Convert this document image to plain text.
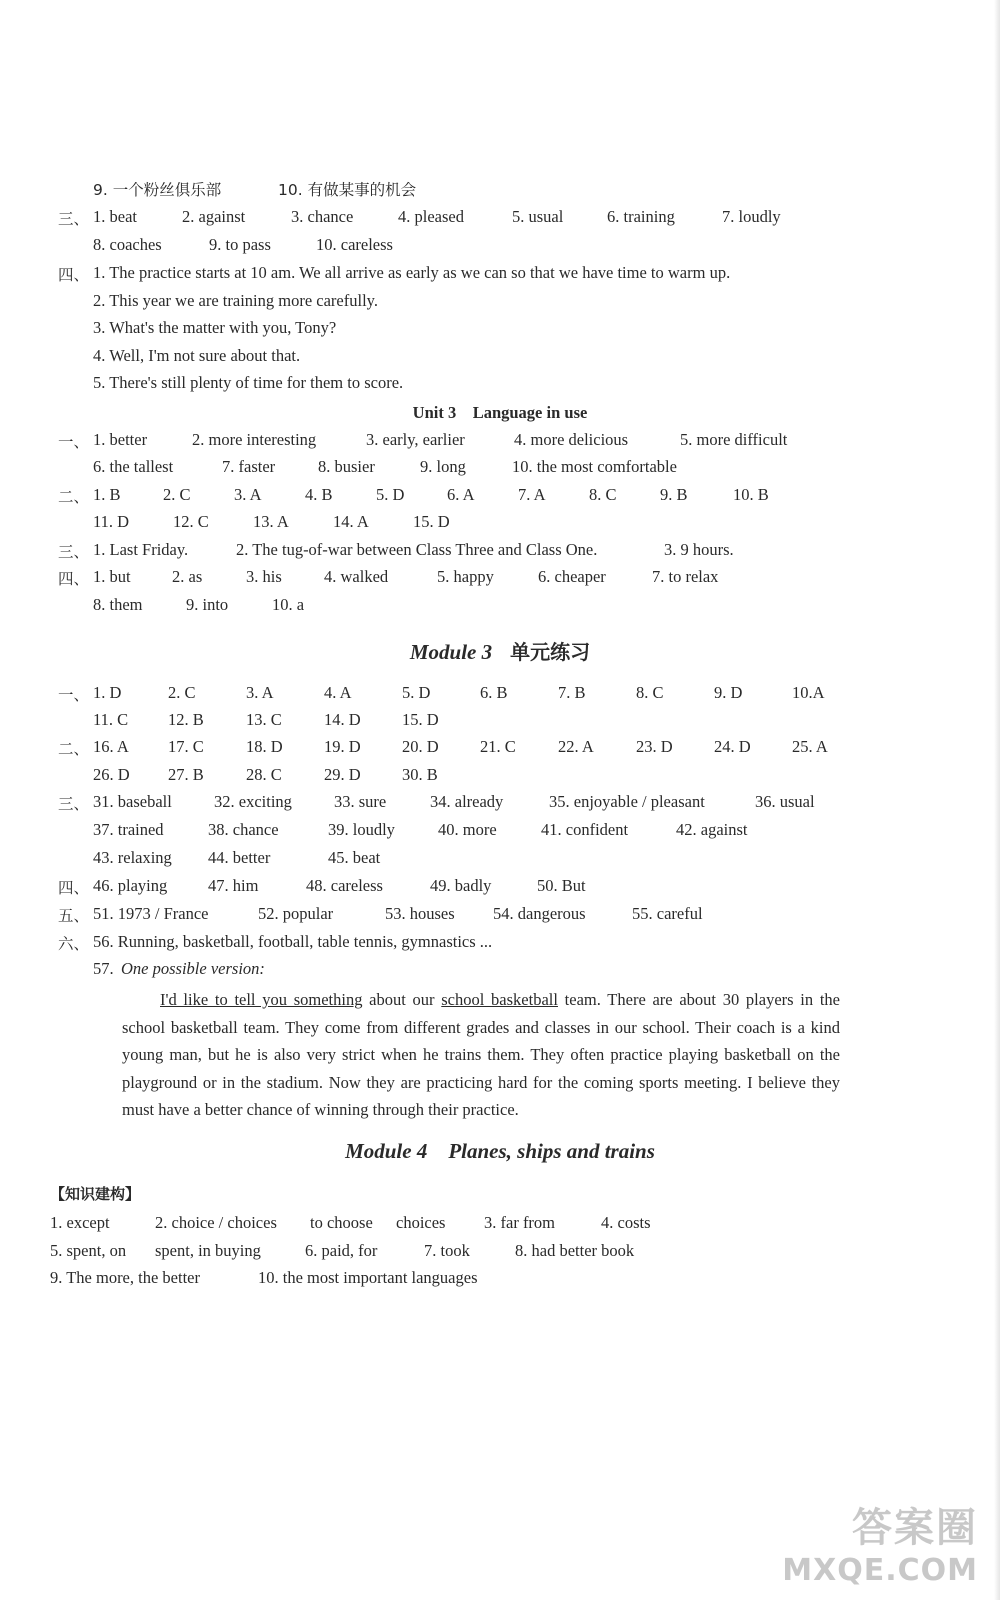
9. 一个粉丝俱乐部	10. 有做某事的机会
三、 1. beat	2. against	3. chance	4. pleased	5. usual	6. training	7. loudly
8. coaches	9. to pass	10. careless
四、 1. The practice starts at 10 am. We all arrive as early as we can so that we have time to warm up.
2. This year we are training more carefully.
3. What's the matter with you, Tony?
4. Well, I'm not sure about that.
5. There's still plenty of time for them to score.
Unit 3    Language in use
一、 1. better	2. more interesting	3. early, earlier	4. more delicious	5. more difficult
6. the tallest	7. faster	8. busier	9. long	10. the most comfortable
二、 1. B	2. C	3. A	4. B	5. D	6. A	7. A	8. C	9. B	10. B
11. D	12. C	13. A	14. A	15. D
三、 1. Last Friday.	2. The tug-of-war between Class Three and Class One.	3. 9 hours.
四、 1. but	2. as	3. his	4. walked	5. happy	6. cheaper	7. to relax
8. them	9. into	10. a
Module 3 单元练习
一、 1. D	2. C	3. A	4. A	5. D	6. B	7. B	8. C	9. D	10.A
11. C 12. B	13. C	14. D	15. D
二、 16. A 17. C	18. D	19. D	20. D	21. C	22. A	23. D	24. D	25. A
26. D 27. B	28. C	29. D	30. B
三、 31. baseball	32. exciting	33. sure	34. already	35. enjoyable / pleasant	36. usual
37. trained	38. chance	39. loudly	40. more	41. confident	42. against
43. relaxing 44. better	45. beat
四、 46. playing 47. him	48. careless	49. badly	50. But
五、 51. 1973 / France	52. popular	53. houses 54. dangerous	55. careful
六、 56. Running, basketball, football, table tennis, gymnastics ...
57. One possible version:
I'd like to tell you something about our school basketball team. There are about 30 players in the school basketball team. They come from different grades and classes in our school. Their coach is a kind young man, but he is also very strict when he trains them. They often practice playing basketball on the playground or in the stadium. Now they are practicing hard for the coming sports meeting. I believe they must have a better chance of winning through their practice.
Module 4    Planes, ships and trains
【知识建构】
1. except	2. choice / choices to choose choices 3. far from	4. costs
5. spent, on spent, in buying	6. paid, for	7. took	8. had better book
9. The more, the better	10. the most important languages
答案圈
MXQE.COM
